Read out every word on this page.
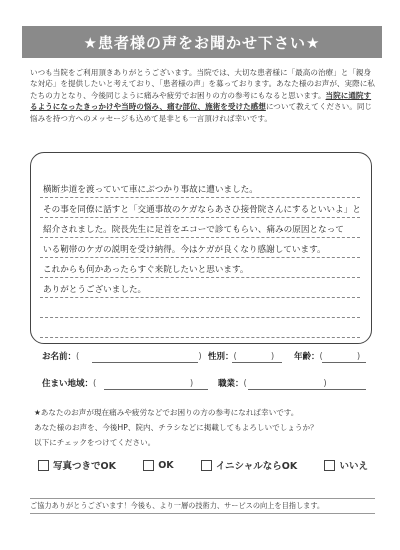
★患者様の声をお聞かせ下さい★
いつも当院をご利用頂きありがとうございます。当院では、大切な患者様に「最高の治療」と「親身な対応」を提供したいと考えており、「患者様の声」を募っております。あなた様のお声が、実際に私たちの力となり、今後同じように痛みや疲労でお困りの方の参考にもなると思います。当院に通院するようになったきっかけや当時の悩み、痛む部位、施術を受けた感想について教えてください。同じ悩みを持つ方へのメッセージも込めて是非とも一言頂ければ幸いです。
横断歩道を渡っていて車にぶつかり事故に遭いました。
その事を同僚に話すと「交通事故のケガならあさひ接骨院さんにするといいよ」と
紹介されました。院長先生に足首をエコーで診てもらい、痛みの原因となって
いる靭帯のケガの説明を受け納得。今はケガが良くなり感謝しています。
これからも何かあったらすぐ来院したいと思います。
ありがとうございました。
お名前：(　　　　　　　　　　　　　　) 性別：(　　　　) 年齢：(　　　　)
住まい地域：(　　　　　　　　　　　)	職業：(　　　　　　　　　)
★あなたのお声が現在痛みや疲労などでお困りの方の参考になれば幸いです。
あなた様のお声を、今後HP、院内、チラシなどに掲載してもよろしいでしょうか？
以下にチェックをつけてください。
写真つきでOK	OK	イニシャルならOK	いいえ
ご協力ありがとうございます！今後も、より一層の技術力、サービスの向上を目指します。
